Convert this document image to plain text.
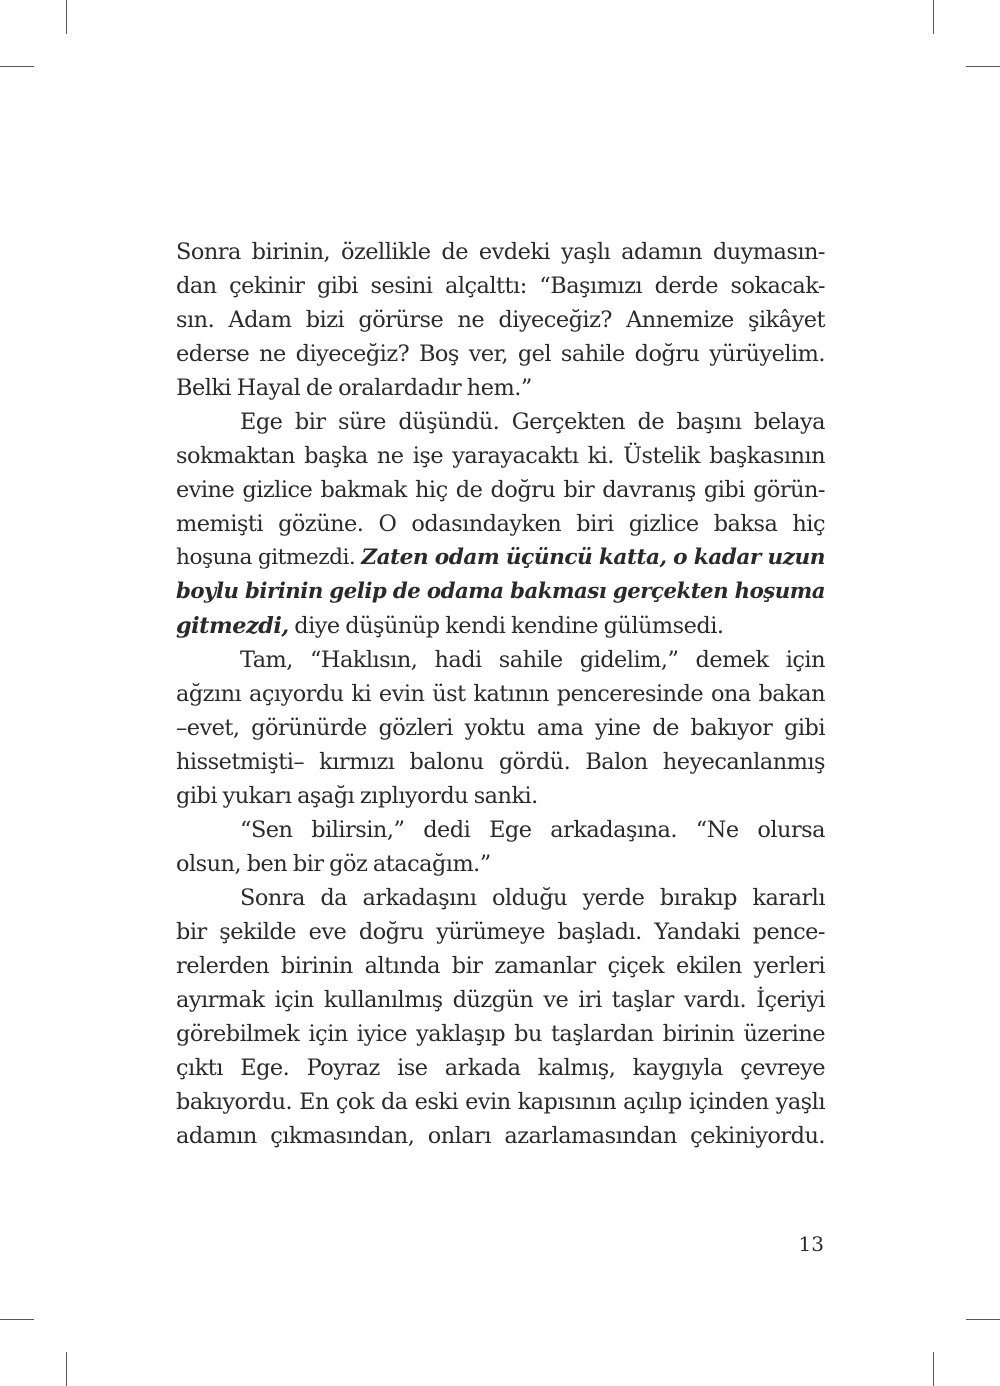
Sonra birinin, özellikle de evdeki yaşlı adamın duymasın-
dan çekinir gibi sesini alçalttı: “Başımızı derde sokacak-
sın. Adam bizi görürse ne diyeceğiz? Annemize şikâyet
ederse ne diyeceğiz? Boş ver, gel sahile doğru yürüyelim.
Belki Hayal de oralardadır hem.”
Ege bir süre düşündü. Gerçekten de başını belaya
sokmaktan başka ne işe yarayacaktı ki. Üstelik başkasının
evine gizlice bakmak hiç de doğru bir davranış gibi görün-
memişti gözüne. O odasındayken biri gizlice baksa hiç
hoşuna gitmezdi. Zaten odam üçüncü katta, o kadar uzun
boylu birinin gelip de odama bakması gerçekten hoşuma
gitmezdi, diye düşünüp kendi kendine gülümsedi.
Tam, “Haklısın, hadi sahile gidelim,” demek için
ağzını açıyordu ki evin üst katının penceresinde ona bakan
–evet, görünürde gözleri yoktu ama yine de bakıyor gibi
hissetmişti– kırmızı balonu gördü. Balon heyecanlanmış
gibi yukarı aşağı zıplıyordu sanki.
“Sen bilirsin,” dedi Ege arkadaşına. “Ne olursa
olsun, ben bir göz atacağım.”
Sonra da arkadaşını olduğu yerde bırakıp kararlı
bir şekilde eve doğru yürümeye başladı. Yandaki pence-
relerden birinin altında bir zamanlar çiçek ekilen yerleri
ayırmak için kullanılmış düzgün ve iri taşlar vardı. İçeriyi
görebilmek için iyice yaklaşıp bu taşlardan birinin üzerine
çıktı Ege. Poyraz ise arkada kalmış, kaygıyla çevreye
bakıyordu. En çok da eski evin kapısının açılıp içinden yaşlı
adamın çıkmasından, onları azarlamasından çekiniyordu.
13
